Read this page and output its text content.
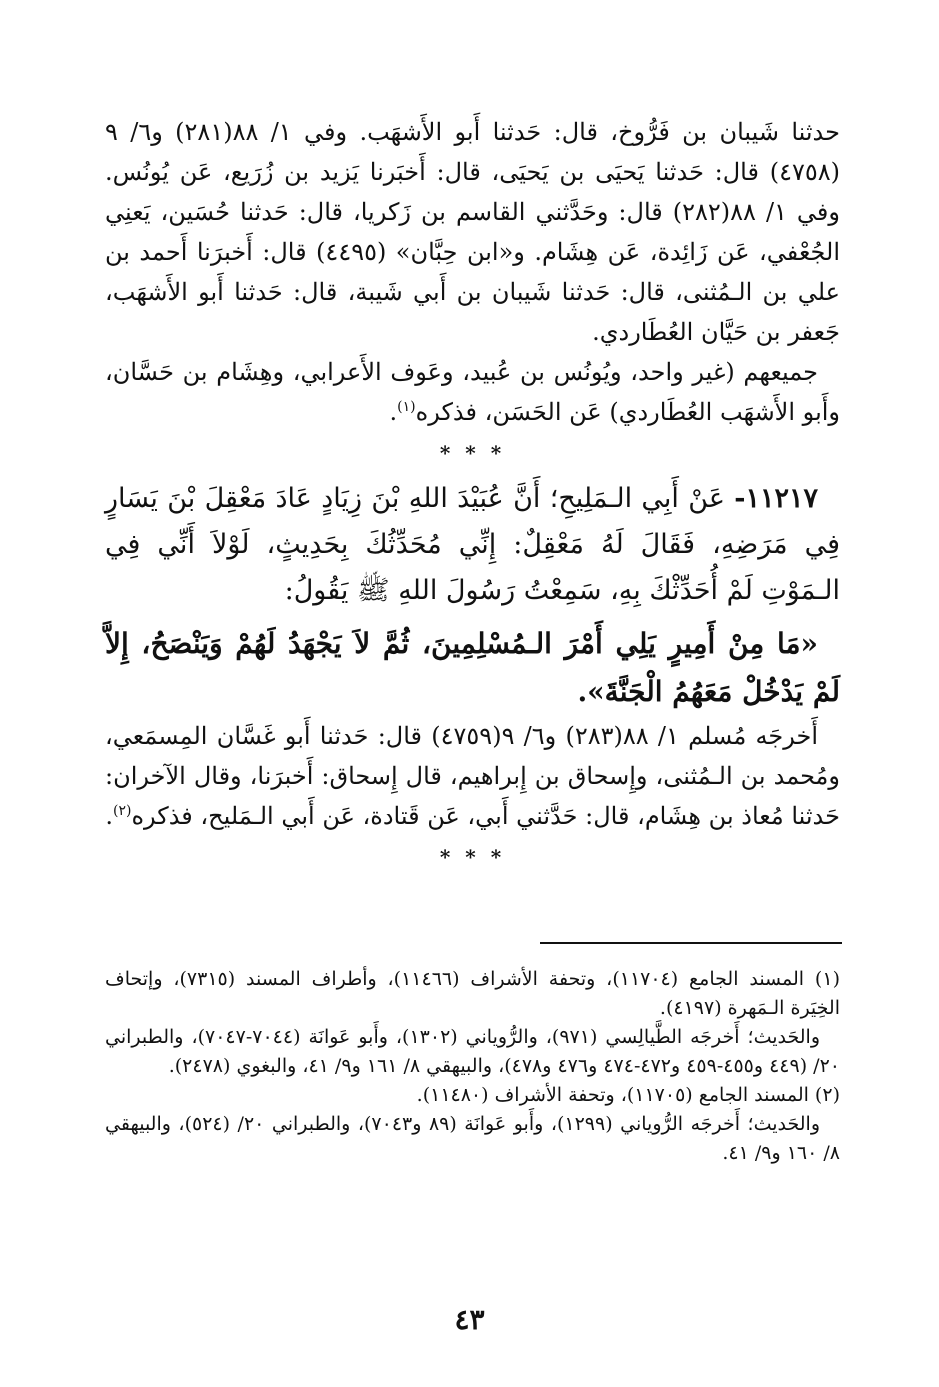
حدثنا شَيبان بن فَرُّوخ، قال: حَدثنا أَبو الأَشهَب. وفي ١/ ٨٨(٢٨١) و٦/ ٩ (٤٧٥٨) قال: حَدثنا يَحيَى بن يَحيَى، قال: أَخبَرنا يَزيد بن زُرَيع، عَن يُونُس. وفي ١/ ٨٨(٢٨٢) قال: وحَدَّثني القاسم بن زَكريا، قال: حَدثنا حُسَين، يَعنِي الجُعْفي، عَن زَائِدة، عَن هِشَام. و«ابن حِبَّان» (٤٤٩٥) قال: أَخبرَنا أَحمد بن علي بن الـمُثنى، قال: حَدثنا شَيبان بن أَبي شَيبة، قال: حَدثنا أَبو الأَشهَب، جَعفر بن حَيَّان العُطَاردي.

جميعهم (غير واحد، ويُونُس بن عُبيد، وعَوف الأَعرابي، وهِشَام بن حَسَّان، وأَبو الأَشهَب العُطَاردي) عَن الحَسَن، فذكره$^{(١)}$.

* * *

١١٢١٧- عَنْ أَبِي الـمَلِيحِ؛ أَنَّ عُبَيْدَ اللهِ بْنَ زِيَادٍ عَادَ مَعْقِلَ بْنَ يَسَارٍ فِي مَرَضِهِ، فَقَالَ لَهُ مَعْقِلٌ: إِنِّي مُحَدِّثُكَ بِحَدِيثٍ، لَوْلاَ أَنِّي فِي الـمَوْتِ لَمْ أُحَدِّثْكَ بِهِ، سَمِعْتُ رَسُولَ اللهِ ﷺ يَقُولُ:

«مَا مِنْ أَمِيرٍ يَلِي أَمْرَ الـمُسْلِمِينَ، ثُمَّ لاَ يَجْهَدُ لَهُمْ وَيَنْصَحُ، إِلاَّ لَمْ يَدْخُلْ مَعَهُمُ الْجَنَّةَ».

أَخرجَه مُسلم ١/ ٨٨(٢٨٣) و٦/ ٩(٤٧٥٩) قال: حَدثنا أَبو غَسَّان المِسمَعي، ومُحمد بن الـمُثنى، وإِسحاق بن إِبراهيم، قال إِسحاق: أَخبرَنا، وقال الآخران: حَدثنا مُعاذ بن هِشَام، قال: حَدَّثني أَبي، عَن قَتادة، عَن أَبي الـمَليح، فذكره$^{(٢)}$.

* * *

(١) المسند الجامع (١١٧٠٤)، وتحفة الأشراف (١١٤٦٦)، وأطراف المسند (٧٣١٥)، وإتحاف الخِيَرة الـمَهرة (٤١٩٧).

والحَديث؛ أَخرجَه الطَّيالِسي (٩٧١)، والرُّوياني (١٣٠٢)، وأَبو عَوانَة (٧٠٤٤-٧٠٤٧)، والطبراني ٢٠/ (٤٤٩ و٤٥٥-٤٥٩ و٤٧٢-٤٧٤ و٤٧٦ و٤٧٨)، والبيهقي ٨/ ١٦١ و٩/ ٤١، والبغوي (٢٤٧٨).

(٢) المسند الجامع (١١٧٠٥)، وتحفة الأشراف (١١٤٨٠).

والحَديث؛ أَخرجَه الرُّوياني (١٢٩٩)، وأَبو عَوانَة (٨٩ و٧٠٤٣)، والطبراني ٢٠/ (٥٢٤)، والبيهقي ٨/ ١٦٠ و٩/ ٤١.

٤٣
